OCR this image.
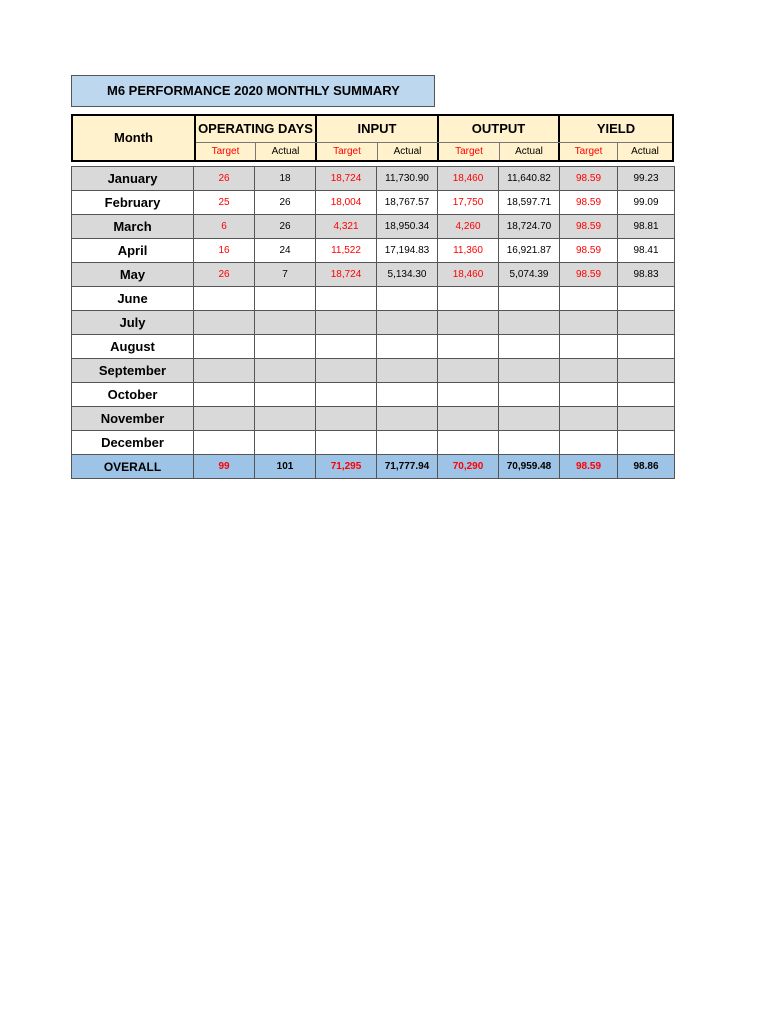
M6 PERFORMANCE 2020 MONTHLY SUMMARY
Month
OPERATING DAYS	INPUT	OUTPUT	YIELD
Target	Actual	Target	Actual	Target	Actual	Target	Actual
January	26	18	18,724	11,730.90	18,460	11,640.82	98.59	99.23
February	25	26	18,004	18,767.57	17,750	18,597.71	98.59	99.09
March	6	26	4,321	18,950.34	4,260	18,724.70	98.59	98.81
April	16	24	11,522	17,194.83	11,360	16,921.87	98.59	98.41
May	26	7	18,724	5,134.30	18,460	5,074.39	98.59	98.83
June								
July								
August								
September								
October								
November								
December								
OVERALL	99	101	71,295	71,777.94	70,290	70,959.48	98.59	98.86
